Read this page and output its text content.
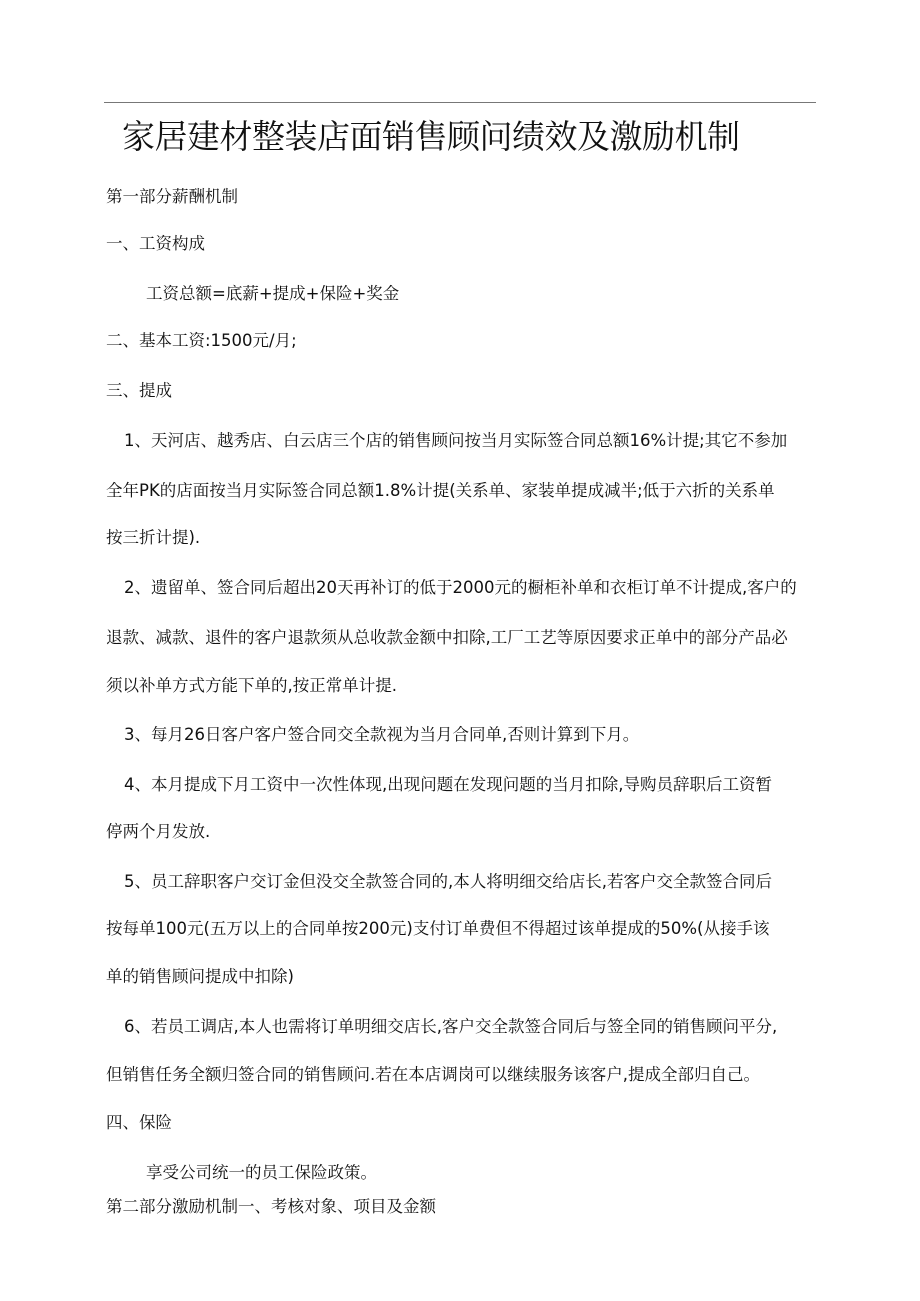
家居建材整装店面销售顾问绩效及激励机制
第一部分薪酬机制
一、工资构成
工资总额=底薪+提成+保险+奖金
二、基本工资:1500元/月;
三、提成
1、天河店、越秀店、白云店三个店的销售顾问按当月实际签合同总额16%计提;其它不参加
全年PK的店面按当月实际签合同总额1.8%计提(关系单、家装单提成减半;低于六折的关系单
按三折计提).
2、遗留单、签合同后超出20天再补订的低于2000元的橱柜补单和衣柜订单不计提成,客户的
退款、减款、退件的客户退款须从总收款金额中扣除,工厂工艺等原因要求正单中的部分产品必
须以补单方式方能下单的,按正常单计提.
3、每月26日客户客户签合同交全款视为当月合同单,否则计算到下月。
4、本月提成下月工资中一次性体现,出现问题在发现问题的当月扣除,导购员辞职后工资暂
停两个月发放.
5、员工辞职客户交订金但没交全款签合同的,本人将明细交给店长,若客户交全款签合同后
按每单100元(五万以上的合同单按200元)支付订单费但不得超过该单提成的50%(从接手该
单的销售顾问提成中扣除)
6、若员工调店,本人也需将订单明细交店长,客户交全款签合同后与签全同的销售顾问平分,
但销售任务全额归签合同的销售顾问.若在本店调岗可以继续服务该客户,提成全部归自己。
四、保险
享受公司统一的员工保险政策。
第二部分激励机制一、考核对象、项目及金额
